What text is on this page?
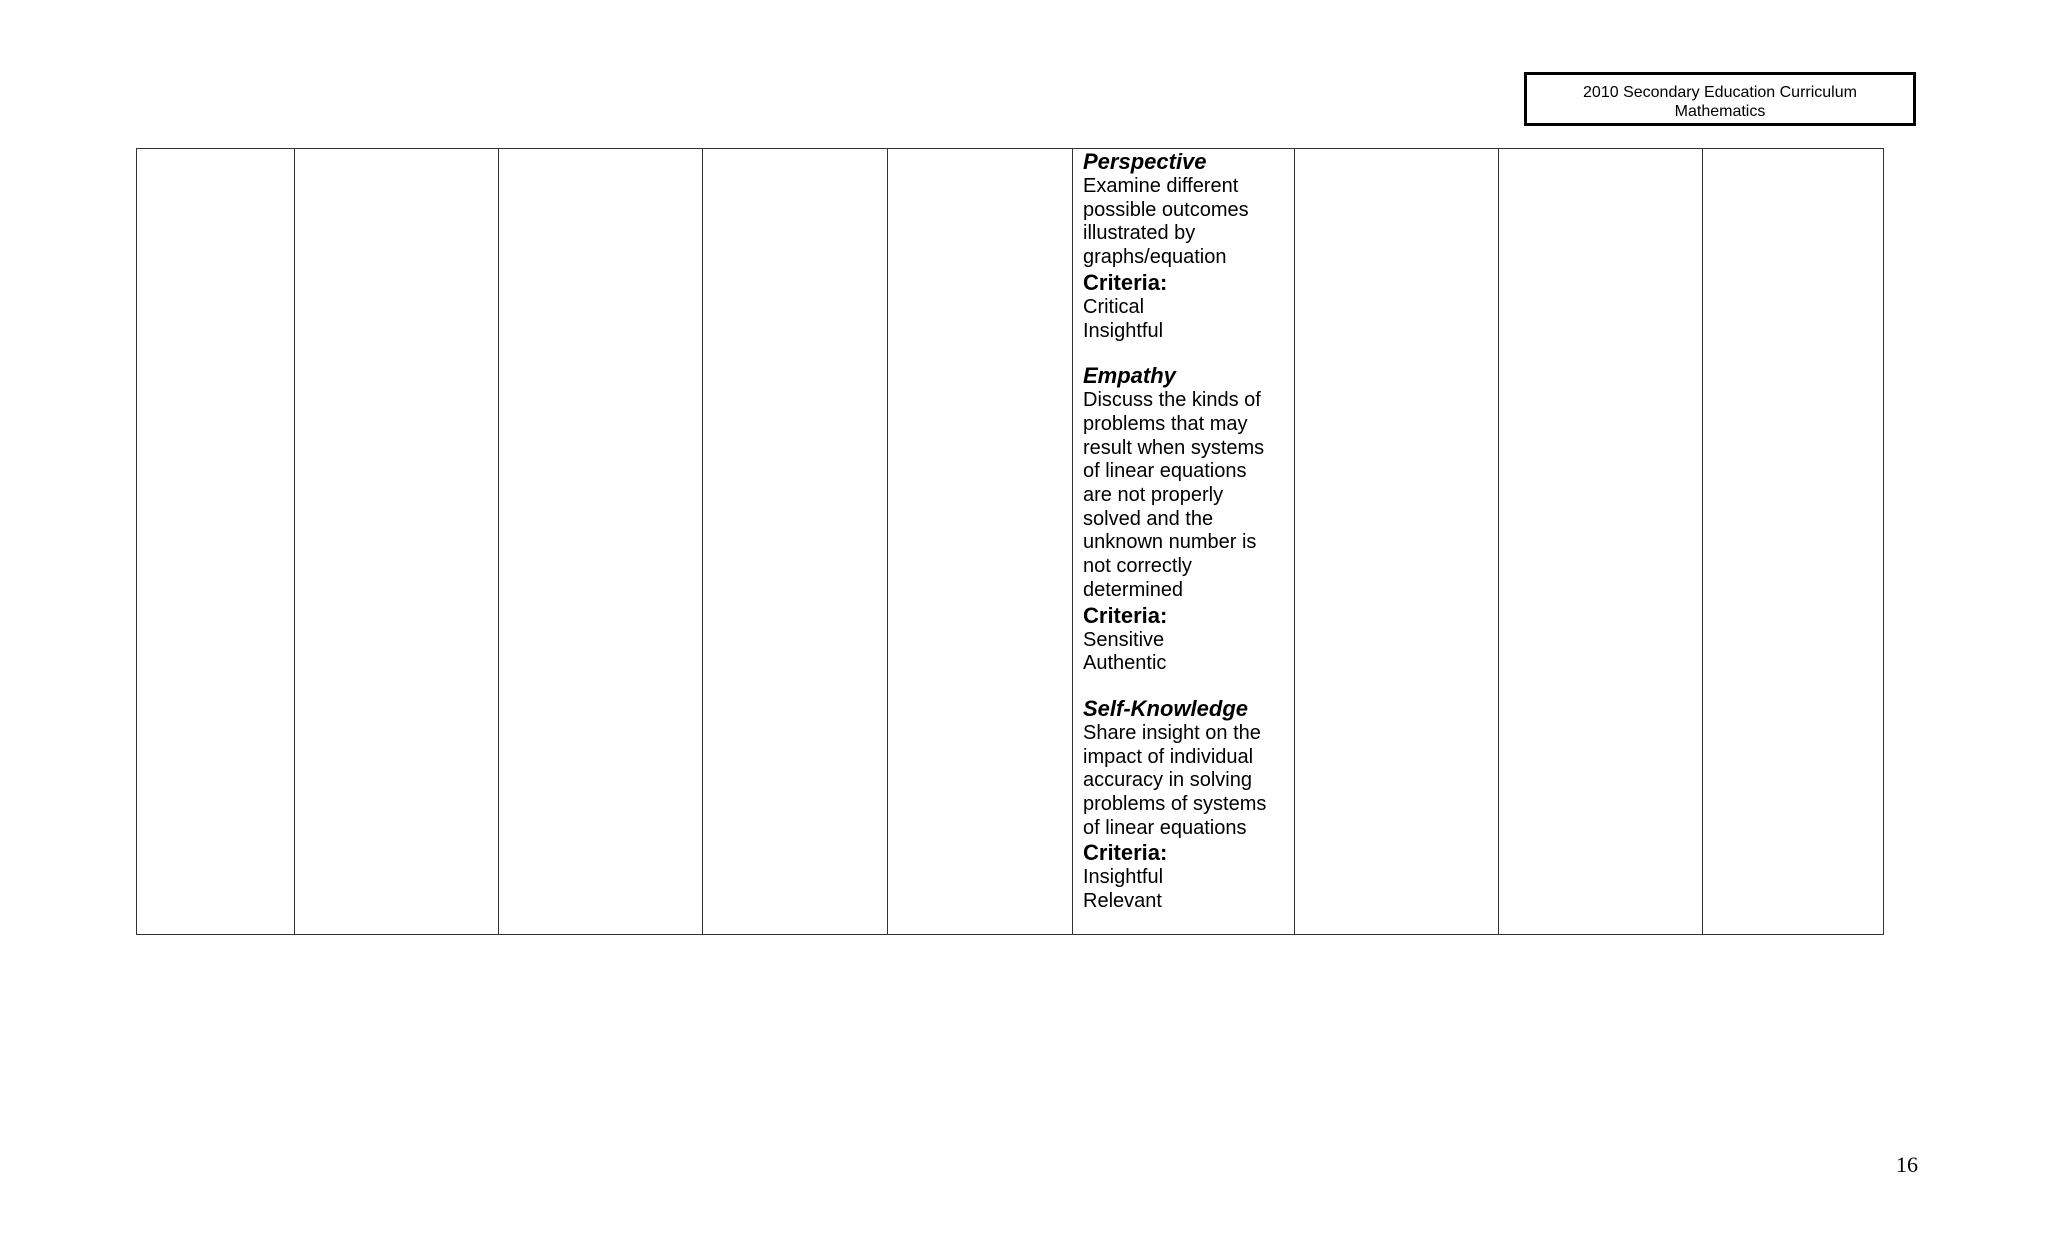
2010 Secondary Education Curriculum
Mathematics

Perspective
Examine different
possible outcomes
illustrated by
graphs/equation
Criteria:
Critical
Insightful
Empathy
Discuss the kinds of
problems that may
result when systems
of linear equations
are not properly
solved and the
unknown number is
not correctly
determined
Criteria:
Sensitive
Authentic
Self-Knowledge
Share insight on the
impact of individual
accuracy in solving
problems of systems
of linear equations
Criteria:
Insightful
Relevant

16
